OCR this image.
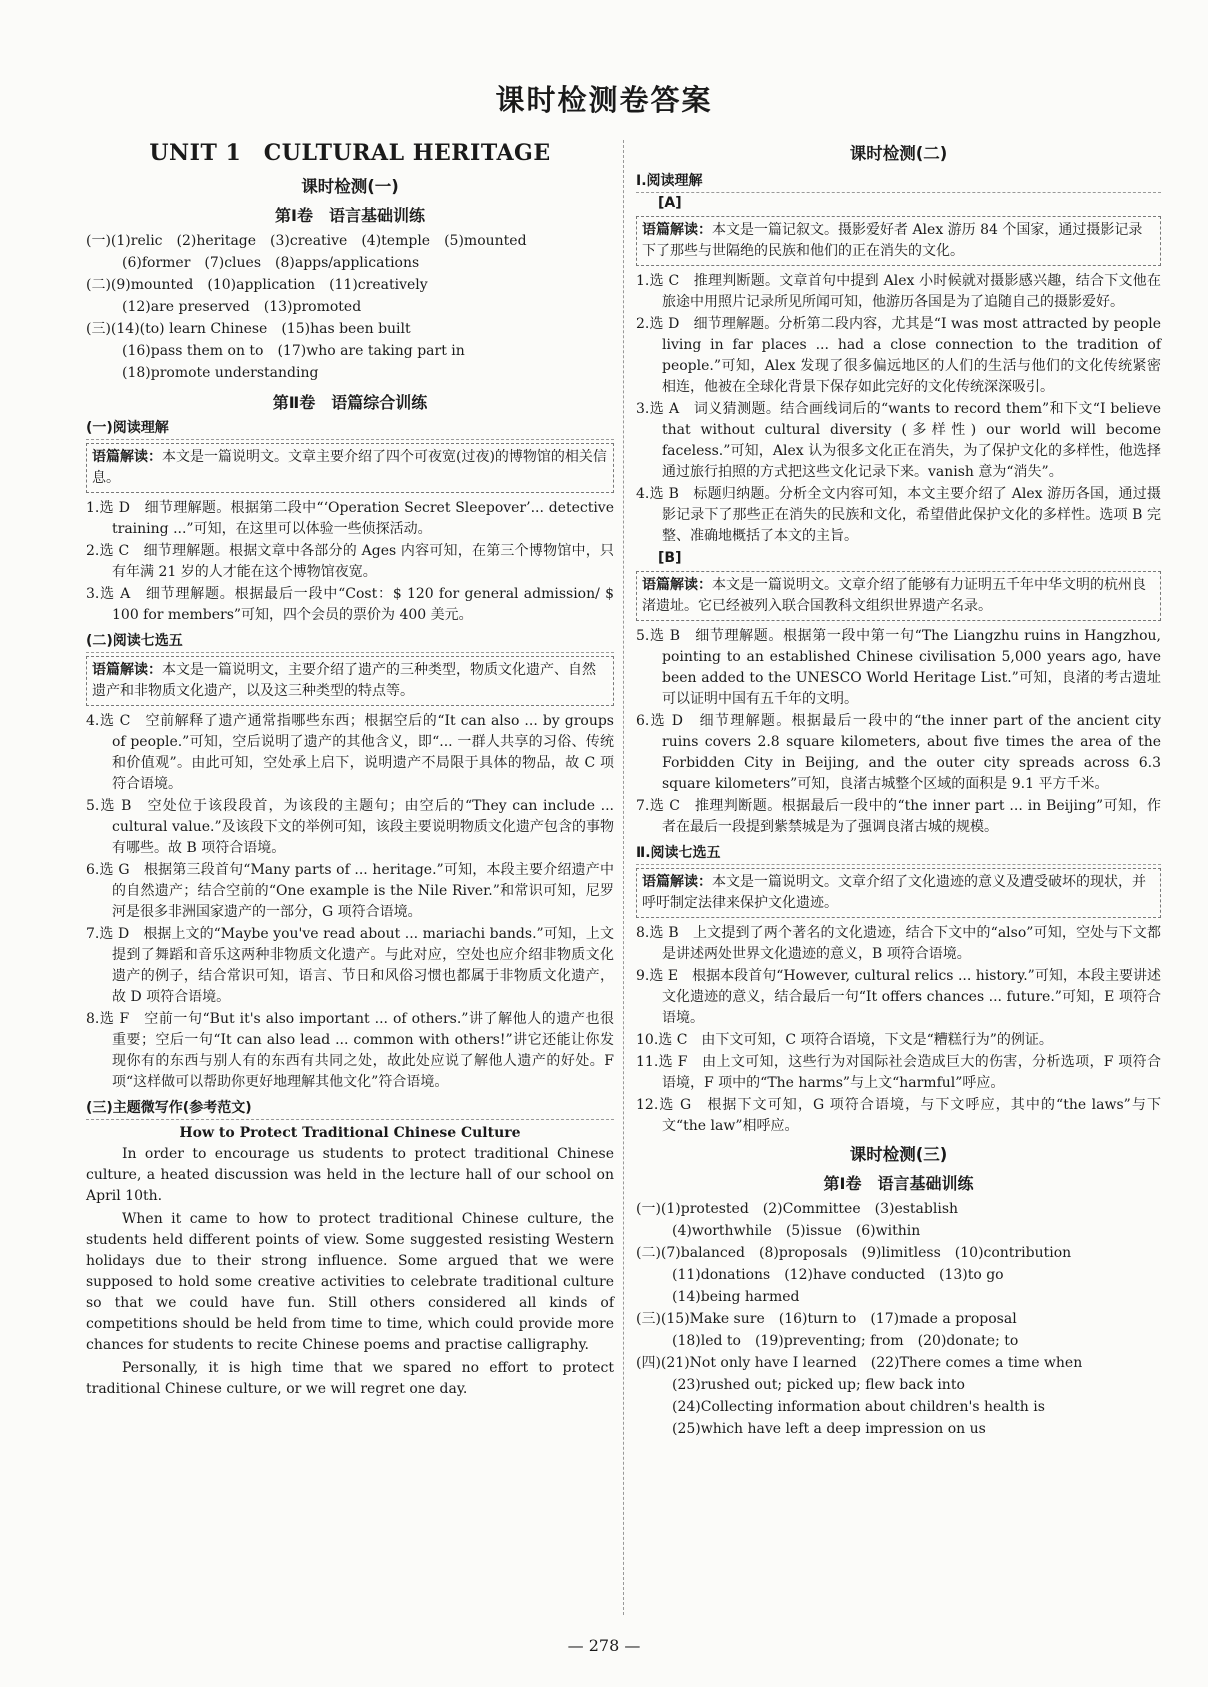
课时检测卷答案
UNIT 1　CULTURAL HERITAGE
课时检测(一)
第Ⅰ卷　语言基础训练
(一)(1)relic　(2)heritage　(3)creative　(4)temple　(5)mounted
(6)former　(7)clues　(8)apps/applications
(二)(9)mounted　(10)application　(11)creatively
(12)are preserved　(13)promoted
(三)(14)(to) learn Chinese　(15)has been built
(16)pass them on to　(17)who are taking part in
(18)promote understanding
第Ⅱ卷　语篇综合训练
(一)阅读理解
语篇解读：本文是一篇说明文。文章主要介绍了四个可夜宽(过夜)的博物馆的相关信息。
1.选 D　细节理解题。根据第二段中“‘Operation Secret Sleepover’... detective training ...”可知，在这里可以体验一些侦探活动。
2.选 C　细节理解题。根据文章中各部分的 Ages 内容可知，在第三个博物馆中，只有年满 21 岁的人才能在这个博物馆夜宽。
3.选 A　细节理解题。根据最后一段中“Cost：$ 120 for general admission/ $ 100 for members”可知，四个会员的票价为 400 美元。
(二)阅读七选五
语篇解读：本文是一篇说明文，主要介绍了遗产的三种类型，物质文化遗产、自然遗产和非物质文化遗产，以及这三种类型的特点等。
4.选 C　空前解释了遗产通常指哪些东西；根据空后的“It can also ... by groups of people.”可知，空后说明了遗产的其他含义，即“... 一群人共享的习俗、传统和价值观”。由此可知，空处承上启下，说明遗产不局限于具体的物品，故 C 项符合语境。
5.选 B　空处位于该段段首，为该段的主题句；由空后的“They can include ... cultural value.”及该段下文的举例可知，该段主要说明物质文化遗产包含的事物有哪些。故 B 项符合语境。
6.选 G　根据第三段首句“Many parts of ... heritage.”可知，本段主要介绍遗产中的自然遗产；结合空前的“One example is the Nile River.”和常识可知，尼罗河是很多非洲国家遗产的一部分，G 项符合语境。
7.选 D　根据上文的“Maybe you've read about ... mariachi bands.”可知，上文提到了舞蹈和音乐这两种非物质文化遗产。与此对应，空处也应介绍非物质文化遗产的例子，结合常识可知，语言、节日和风俗习惯也都属于非物质文化遗产，故 D 项符合语境。
8.选 F　空前一句“But it's also important ... of others.”讲了解他人的遗产也很重要；空后一句“It can also lead ... common with others!”讲它还能让你发现你有的东西与别人有的东西有共同之处，故此处应说了解他人遗产的好处。F 项“这样做可以帮助你更好地理解其他文化”符合语境。
(三)主题微写作(参考范文)
How to Protect Traditional Chinese Culture

In order to encourage us students to protect traditional Chinese culture, a heated discussion was held in the lecture hall of our school on April 10th.

When it came to how to protect traditional Chinese culture, the students held different points of view. Some suggested resisting Western holidays due to their strong influence. Some argued that we were supposed to hold some creative activities to celebrate traditional culture so that we could have fun. Still others considered all kinds of competitions should be held from time to time, which could provide more chances for students to recite Chinese poems and practise calligraphy.

Personally, it is high time that we spared no effort to protect traditional Chinese culture, or we will regret one day.

课时检测(二)
Ⅰ.阅读理解
[A]
语篇解读：本文是一篇记叙文。摄影爱好者 Alex 游历 84 个国家，通过摄影记录下了那些与世隔绝的民族和他们的正在消失的文化。
1.选 C　推理判断题。文章首句中提到 Alex 小时候就对摄影感兴趣，结合下文他在旅途中用照片记录所见所闻可知，他游历各国是为了追随自己的摄影爱好。
2.选 D　细节理解题。分析第二段内容，尤其是“I was most attracted by people living in far places ... had a close connection to the tradition of people.”可知，Alex 发现了很多偏远地区的人们的生活与他们的文化传统紧密相连，他被在全球化背景下保存如此完好的文化传统深深吸引。
3.选 A　词义猜测题。结合画线词后的“wants to record them”和下文“I believe that without cultural diversity (多样性) our world will become faceless.”可知，Alex 认为很多文化正在消失，为了保护文化的多样性，他选择通过旅行拍照的方式把这些文化记录下来。vanish 意为“消失”。
4.选 B　标题归纳题。分析全文内容可知，本文主要介绍了 Alex 游历各国，通过摄影记录下了那些正在消失的民族和文化，希望借此保护文化的多样性。选项 B 完整、准确地概括了本文的主旨。
[B]
语篇解读：本文是一篇说明文。文章介绍了能够有力证明五千年中华文明的杭州良渚遗址。它已经被列入联合国教科文组织世界遗产名录。
5.选 B　细节理解题。根据第一段中第一句“The Liangzhu ruins in Hangzhou, pointing to an established Chinese civilisation 5,000 years ago, have been added to the UNESCO World Heritage List.”可知，良渚的考古遗址可以证明中国有五千年的文明。
6.选 D　细节理解题。根据最后一段中的“the inner part of the ancient city ruins covers 2.8 square kilometers, about five times the area of the Forbidden City in Beijing, and the outer city spreads across 6.3 square kilometers”可知，良渚古城整个区域的面积是 9.1 平方千米。
7.选 C　推理判断题。根据最后一段中的“the inner part ... in Beijing”可知，作者在最后一段提到紫禁城是为了强调良渚古城的规模。
Ⅱ.阅读七选五
语篇解读：本文是一篇说明文。文章介绍了文化遗迹的意义及遭受破坏的现状，并呼吁制定法律来保护文化遗迹。
8.选 B　上文提到了两个著名的文化遗迹，结合下文中的“also”可知，空处与下文都是讲述两处世界文化遗迹的意义，B 项符合语境。
9.选 E　根据本段首句“However, cultural relics ... history.”可知，本段主要讲述文化遗迹的意义，结合最后一句“It offers chances ... future.”可知，E 项符合语境。
10.选 C　由下文可知，C 项符合语境，下文是“糟糕行为”的例证。
11.选 F　由上文可知，这些行为对国际社会造成巨大的伤害，分析选项，F 项符合语境，F 项中的“The harms”与上文“harmful”呼应。
12.选 G　根据下文可知，G 项符合语境，与下文呼应，其中的“the laws”与下文“the law”相呼应。
课时检测(三)
第Ⅰ卷　语言基础训练
(一)(1)protested　(2)Committee　(3)establish
(4)worthwhile　(5)issue　(6)within
(二)(7)balanced　(8)proposals　(9)limitless　(10)contribution
(11)donations　(12)have conducted　(13)to go
(14)being harmed
(三)(15)Make sure　(16)turn to　(17)made a proposal
(18)led to　(19)preventing; from　(20)donate; to
(四)(21)Not only have I learned　(22)There comes a time when
(23)rushed out; picked up; flew back into
(24)Collecting information about children's health is
(25)which have left a deep impression on us
— 278 —
